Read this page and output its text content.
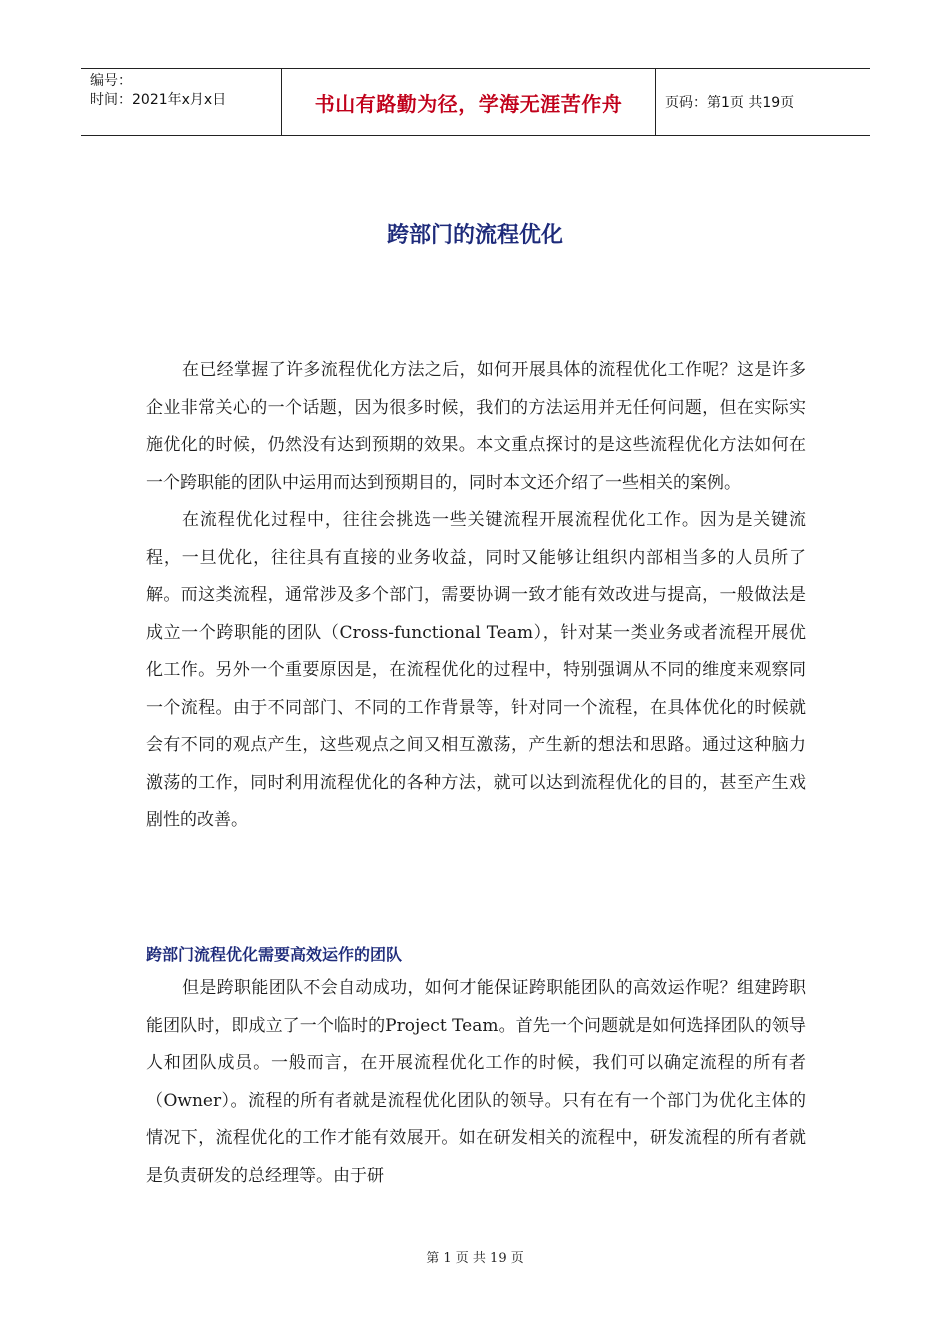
编号：
时间：2021年x月x日	书山有路勤为径，学海无涯苦作舟	页码：第1页 共19页
跨部门的流程优化

在已经掌握了许多流程优化方法之后，如何开展具体的流程优化工作呢？这是许多企业非常关心的一个话题，因为很多时候，我们的方法运用并无任何问题，但在实际实施优化的时候，仍然没有达到预期的效果。本文重点探讨的是这些流程优化方法如何在一个跨职能的团队中运用而达到预期目的，同时本文还介绍了一些相关的案例。

在流程优化过程中，往往会挑选一些关键流程开展流程优化工作。因为是关键流程，一旦优化，往往具有直接的业务收益，同时又能够让组织内部相当多的人员所了解。而这类流程，通常涉及多个部门，需要协调一致才能有效改进与提高，一般做法是成立一个跨职能的团队（Cross-functional Team），针对某一类业务或者流程开展优化工作。另外一个重要原因是，在流程优化的过程中，特别强调从不同的维度来观察同一个流程。由于不同部门、不同的工作背景等，针对同一个流程，在具体优化的时候就会有不同的观点产生，这些观点之间又相互激荡，产生新的想法和思路。通过这种脑力激荡的工作，同时利用流程优化的各种方法，就可以达到流程优化的目的，甚至产生戏剧性的改善。

跨部门流程优化需要高效运作的团队

但是跨职能团队不会自动成功，如何才能保证跨职能团队的高效运作呢？组建跨职能团队时，即成立了一个临时的Project Team。首先一个问题就是如何选择团队的领导人和团队成员。一般而言，在开展流程优化工作的时候，我们可以确定流程的所有者（Owner）。流程的所有者就是流程优化团队的领导。只有在有一个部门为优化主体的情况下，流程优化的工作才能有效展开。如在研发相关的流程中，研发流程的所有者就是负责研发的总经理等。由于研

第 1 页 共 19 页
